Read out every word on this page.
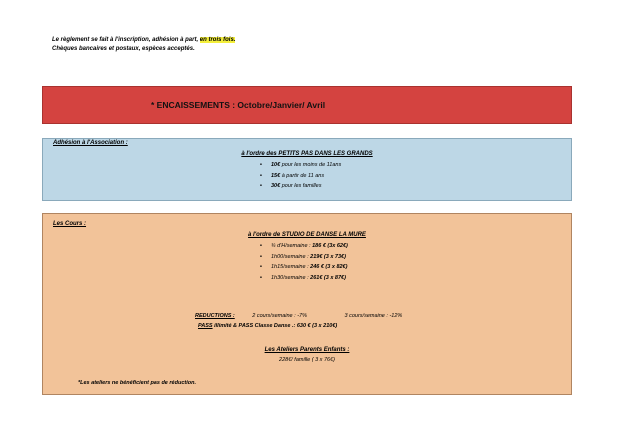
Le règlement se fait à l'inscription, adhésion à part, en trois fois.
Chèques bancaires et postaux, espèces acceptés.
* ENCAISSEMENTS : Octobre/Janvier/ Avril
Adhésion à l'Association :
à l'ordre des PETITS PAS DANS LES GRANDS
• 10€ pour les moins de 11ans
• 15€ à partir de 11 ans
• 30€ pour les familles
Les Cours :
à l'ordre de STUDIO DE DANSE LA MURE
• ¾ d'H/semaine : 186 € (3x 62€)
• 1h00/semaine : 219€ (3 x 73€)
• 1h15/semaine : 246 € (3 x 82€)
• 1h30/semaine : 261€ (3 x 87€)
REDUCTIONS :	2 cours/semaine : -7%	3 cours/semaine : -12%
PASS illimité & PASS Classe Danse .: 630 € (3 x 210€)
Les Ateliers Parents Enfants :
228€/ famille ( 3 x 76€)
*Les ateliers ne bénéficient pas de réduction.
